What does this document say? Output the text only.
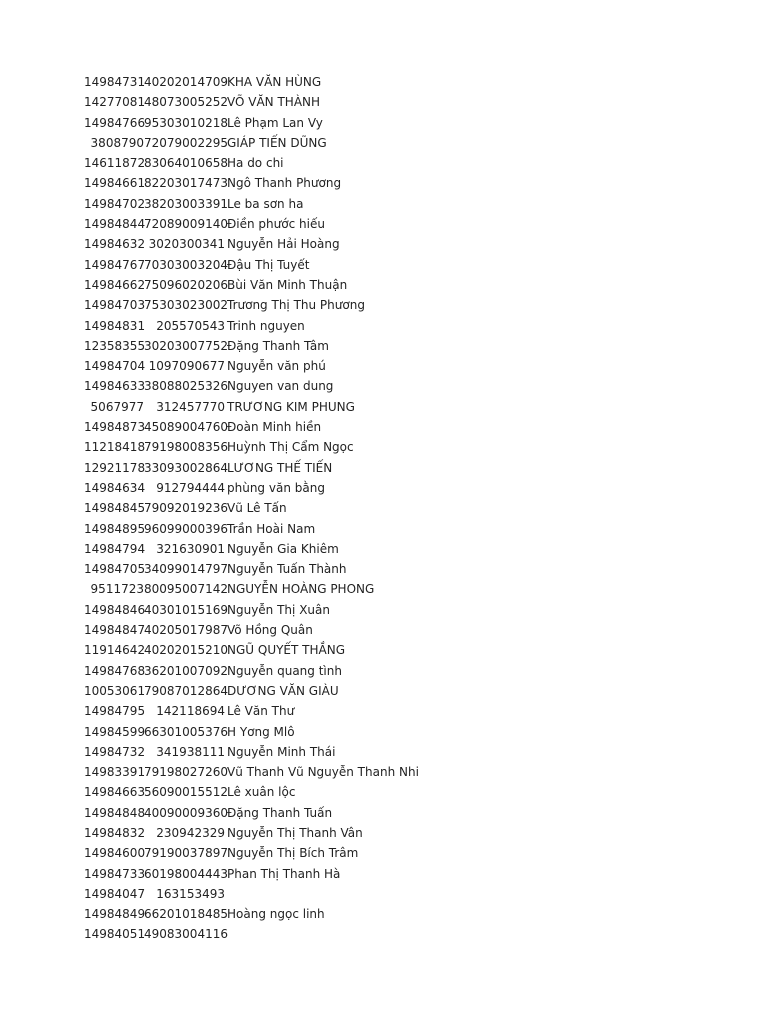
14984731
40202014709 KHA VĂN HÙNG
14277081
48073005252 VÕ VĂN THÀNH
14984766
95303010218 Lê Phạm Lan Vy
3808790 72079002295 GIÁP TIẾN DŨNG
14611872
83064010658 Ha do chi
14984661
82203017473 Ngô Thanh Phương
14984702
38203003391 Le ba sơn ha
14984844
72089009140 Điền phước hiếu
14984632 3020300341 Nguyễn Hải Hoàng
14984767
70303003204 Đậu Thị Tuyết
14984662
75096020206 Bùi Văn Minh Thuận
14984703
75303023002 Trương Thị Thu Phương
14984831 205570543 Trinh nguyen
12358355
30203007752 Đặng Thanh Tâm
14984704 1097090677 Nguyễn văn phú
14984633
38088025326 Nguyen van dung
5067977	312457770 TRƯƠNG KIM PHUNG
14984873
45089004760 Đoàn Minh hiền
11218418
79198008356 Huỳnh Thị Cẩm Ngọc
12921178
33093002864 LƯƠNG THẾ TIẾN
14984634 912794444 phùng văn bằng
14984845
79092019236 Vũ Lê Tấn
14984895
96099000396 Trần Hoài Nam
14984794 321630901 Nguyễn Gia Khiêm
14984705
34099014797 Nguyễn Tuấn Thành
9511723 80095007142 NGUYỄN HOÀNG PHONG
14984846
40301015169 Nguyễn Thị Xuân
14984847
40205017987 Võ Hồng Quân
11914642
40202015210 NGŨ QUYẾT THẮNG
14984768
36201007092 Nguyễn quang tình
10053061
79087012864 DƯƠNG VĂN GIÀU
14984795 142118694 Lê Văn Thư
14984599
66301005376 H Yơng Mlô
14984732 341938111 Nguyễn Minh Thái
14983391
79198027260 Vũ Thanh Vũ Nguyễn Thanh Nhi
14984663
56090015512 Lê xuân lộc
14984848
40090009360 Đặng Thanh Tuấn
14984832 230942329 Nguyễn Thị Thanh Vân
14984600
79190037897 Nguyễn Thị Bích Trâm
14984733
60198004443 Phan Thị Thanh Hà
14984047 163153493
14984849
66201018485 Hoàng ngọc linh
14984051
49083004116
